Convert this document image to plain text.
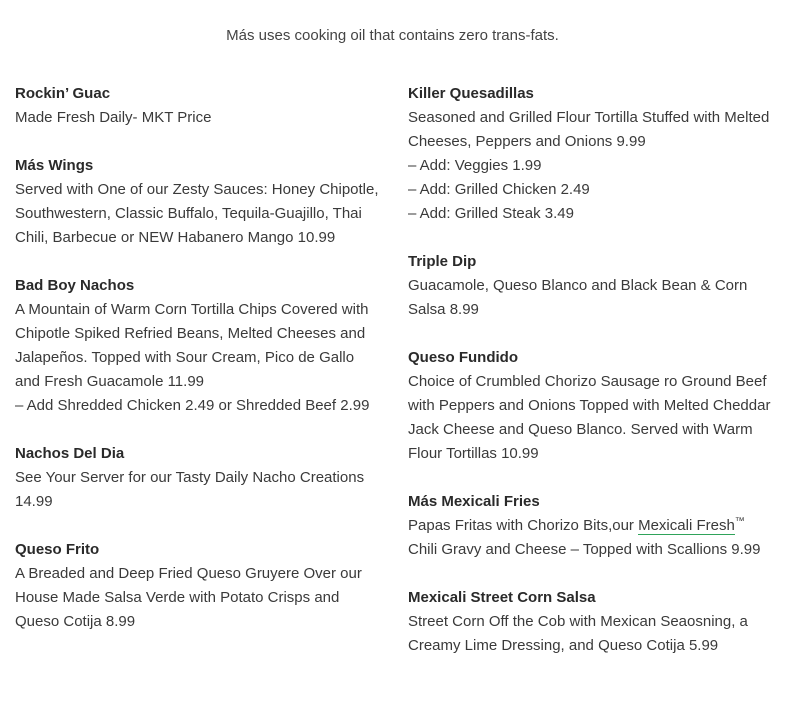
Más uses cooking oil that contains zero trans-fats.
Rockin’ Guac
Made Fresh Daily- MKT Price
Más Wings
Served with One of our Zesty Sauces: Honey Chipotle, Southwestern, Classic Buffalo, Tequila-Guajillo, Thai Chili, Barbecue or NEW Habanero Mango 10.99
Bad Boy Nachos
A Mountain of Warm Corn Tortilla Chips Covered with Chipotle Spiked Refried Beans, Melted Cheeses and Jalapeños. Topped with Sour Cream, Pico de Gallo and Fresh Guacamole 11.99
– Add Shredded Chicken 2.49 or Shredded Beef 2.99
Nachos Del Dia
See Your Server for our Tasty Daily Nacho Creations 14.99
Queso Frito
A Breaded and Deep Fried Queso Gruyere Over our House Made Salsa Verde with Potato Crisps and Queso Cotija 8.99
Killer Quesadillas
Seasoned and Grilled Flour Tortilla Stuffed with Melted Cheeses, Peppers and Onions 9.99
– Add: Veggies 1.99
– Add: Grilled Chicken 2.49
– Add: Grilled Steak 3.49
Triple Dip
Guacamole, Queso Blanco and Black Bean & Corn Salsa 8.99
Queso Fundido
Choice of Crumbled Chorizo Sausage ro Ground Beef with Peppers and Onions Topped with Melted Cheddar Jack Cheese and Queso Blanco. Served with Warm Flour Tortillas 10.99
Más Mexicali Fries
Papas Fritas with Chorizo Bits,our Mexicali Fresh™ Chili Gravy and Cheese – Topped with Scallions 9.99
Mexicali Street Corn Salsa
Street Corn Off the Cob with Mexican Seaosning, a Creamy Lime Dressing, and Queso Cotija 5.99
